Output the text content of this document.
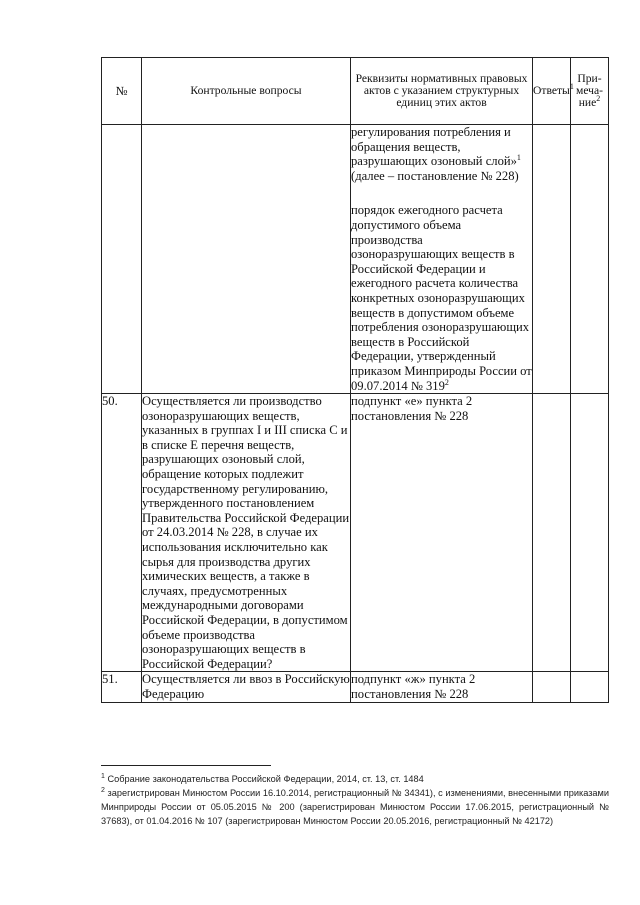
№	Контрольные вопросы	Реквизиты нормативных правовых актов с указанием структурных единиц этих актов	Ответы$^1$	При-меча-ние$^2$

		регулирования потребления и обращения веществ, разрушающих озоновый слой»$^1$ (далее – постановление № 228)

порядок ежегодного расчета допустимого объема производства озоноразрушающих веществ в Российской Федерации и ежегодного расчета количества конкретных озоноразрушающих веществ в допустимом объеме потребления озоноразрушающих веществ в Российской Федерации, утвержденный приказом Минприроды России от 09.07.2014 № $319^2$

50.	Осуществляется ли производство озоноразрушающих веществ, указанных в группах I и III списка С и в списке Е перечня веществ, разрушающих озоновый слой, обращение которых подлежит государственному регулированию, утвержденного постановлением Правительства Российской Федерации от 24.03.2014 № 228, в случае их использования исключительно как сырья для производства других химических веществ, а также в случаях, предусмотренных международными договорами Российской Федерации, в допустимом объеме производства озоноразрушающих веществ в Российской Федерации?	подпункт «е» пункта 2 постановления № 228		
51.	Осуществляется ли ввоз в Российскую Федерацию	подпункт «ж» пункта 2 постановления № 228		

$^1$ Собрание законодательства Российской Федерации, 2014, ст. 13, ст. 1484

$^2$ зарегистрирован Минюстом России 16.10.2014, регистрационный № 34341), с изменениями, внесенными приказами Минприроды России от 05.05.2015 № 200 (зарегистрирован Минюстом России 17.06.2015, регистрационный № 37683), от 01.04.2016 № 107 (зарегистрирован Минюстом России 20.05.2016, регистрационный № 42172)
